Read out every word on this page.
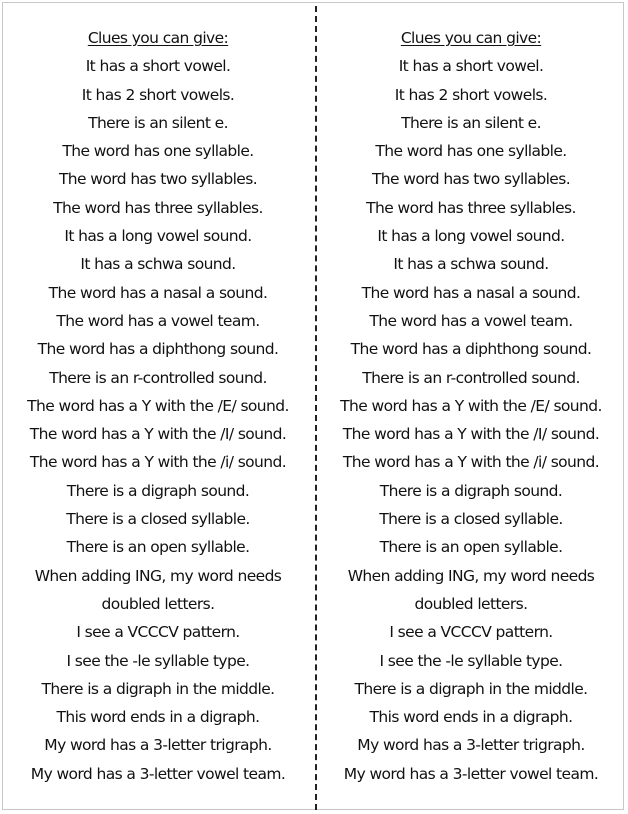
Clues you can give:
It has a short vowel.
It has 2 short vowels.
There is an silent e.
The word has one syllable.
The word has two syllables.
The word has three syllables.
It has a long vowel sound.
It has a schwa sound.
The word has a nasal a sound.
The word has a vowel team.
The word has a diphthong sound.
There is an r-controlled sound.
The word has a Y with the /E/ sound.
The word has a Y with the /I/ sound.
The word has a Y with the /i/ sound.
There is a digraph sound.
There is a closed syllable.
There is an open syllable.
When adding ING, my word needs
doubled letters.
I see a VCCCV pattern.
I see the -le syllable type.
There is a digraph in the middle.
This word ends in a digraph.
My word has a 3-letter trigraph.
My word has a 3-letter vowel team.
Clues you can give:
It has a short vowel.
It has 2 short vowels.
There is an silent e.
The word has one syllable.
The word has two syllables.
The word has three syllables.
It has a long vowel sound.
It has a schwa sound.
The word has a nasal a sound.
The word has a vowel team.
The word has a diphthong sound.
There is an r-controlled sound.
The word has a Y with the /E/ sound.
The word has a Y with the /I/ sound.
The word has a Y with the /i/ sound.
There is a digraph sound.
There is a closed syllable.
There is an open syllable.
When adding ING, my word needs
doubled letters.
I see a VCCCV pattern.
I see the -le syllable type.
There is a digraph in the middle.
This word ends in a digraph.
My word has a 3-letter trigraph.
My word has a 3-letter vowel team.
